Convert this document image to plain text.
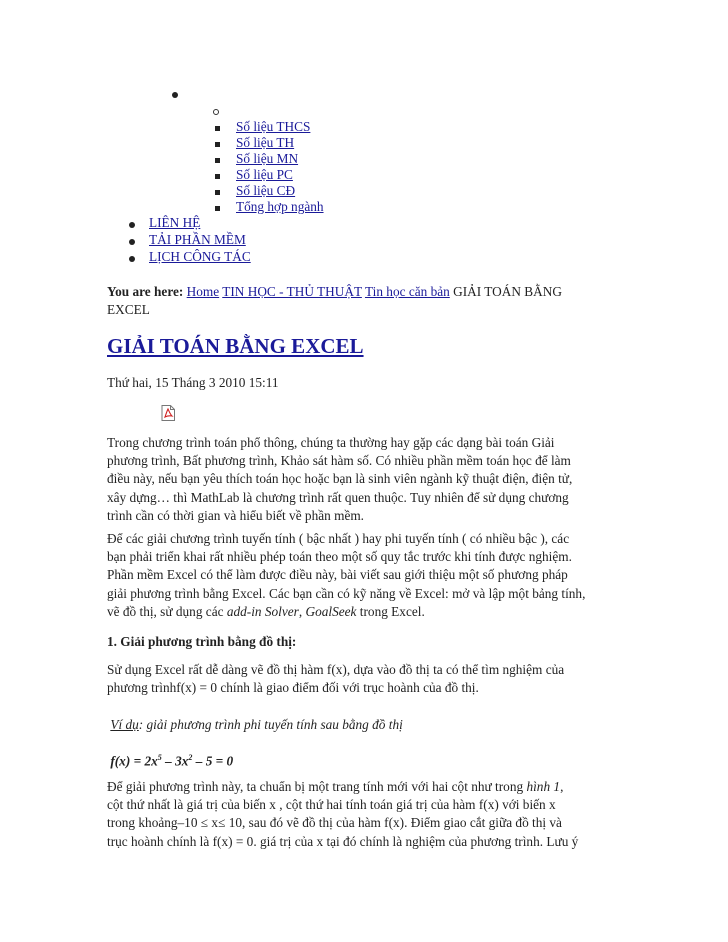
Số liệu THCS
Số liệu TH
Số liệu MN
Số liệu PC
Số liệu CĐ
Tổng hợp ngành
LIÊN HỆ
TẢI PHẦN MỀM
LỊCH CÔNG TÁC
You are here: Home TIN HỌC - THỦ THUẬT Tin học căn bản GIẢI TOÁN BẰNG
EXCEL
GIẢI TOÁN BẰNG EXCEL
Thứ hai, 15 Tháng 3 2010 15:11

Trong chương trình toán phổ thông, chúng ta thường hay gặp các dạng bài toán Giải

phương trình, Bất phương trình, Khảo sát hàm số. Có nhiều phần mềm toán học để làm

điều này, nếu bạn yêu thích toán học hoặc bạn là sinh viên ngành kỹ thuật điện, điện tử,

xây dựng… thì MathLab là chương trình rất quen thuộc. Tuy nhiên để sử dụng chương

trình cần có thời gian và hiểu biết về phần mềm.

Để các giải chương trình tuyến tính ( bậc nhất ) hay phi tuyến tính ( có nhiều bậc ), các

bạn phải triển khai rất nhiều phép toán theo một số quy tắc trước khi tính được nghiệm.

Phần mềm Excel có thể làm được điều này, bài viết sau giới thiệu một số phương pháp

giải phương trình bằng Excel. Các bạn cần có kỹ năng về Excel: mở và lập một bảng tính,

vẽ đồ thị, sử dụng các add-in Solver, GoalSeek trong Excel.

1. Giải phương trình bằng đồ thị:

Sử dụng Excel rất dễ dàng vẽ đồ thị hàm f(x), dựa vào đồ thị ta có thể tìm nghiệm của

phương trìnhf(x) = 0 chính là giao điểm đối với trục hoành của đồ thị.

Ví dụ: giải phương trình phi tuyến tính sau bằng đồ thị
$f(x) = 2x^5 - 3x^2 - 5 = 0$

Để giải phương trình này, ta chuẩn bị một trang tính mới với hai cột như trong hình 1,

cột thứ nhất là giá trị của biến x , cột thứ hai tính toán giá trị của hàm f(x) với biến x

trong khoảng–10 ≤ x≤ 10, sau đó vẽ đồ thị của hàm f(x). Điểm giao cắt giữa đồ thị và

trục hoành chính là f(x) = 0. giá trị của x tại đó chính là nghiệm của phương trình. Lưu ý
